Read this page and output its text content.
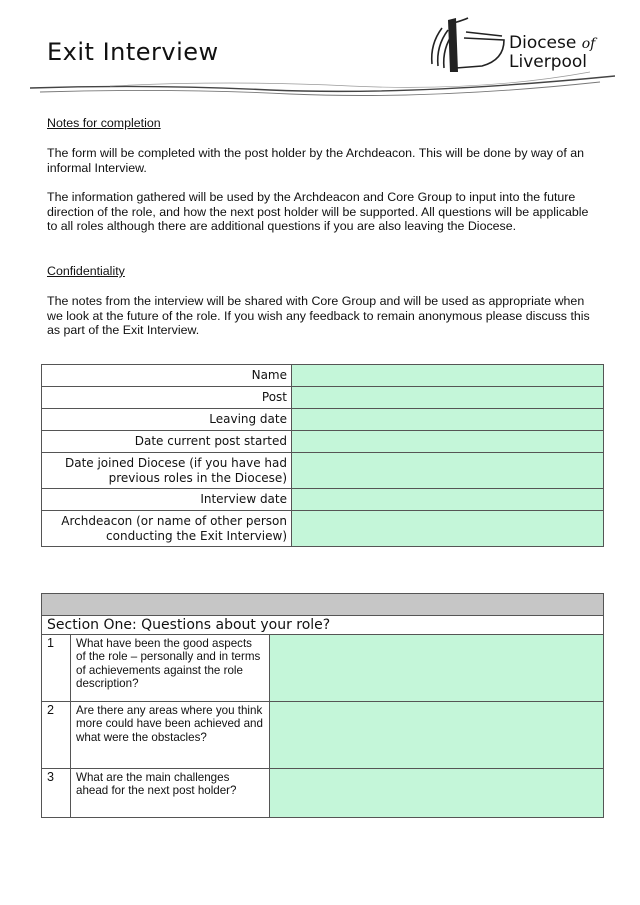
Exit Interview	Diocese of
Liverpool
Notes for completion
The form will be completed with the post holder by the Archdeacon. This will be done by way of an informal Interview.
The information gathered will be used by the Archdeacon and Core Group to input into the future direction of the role, and how the next post holder will be supported. All questions will be applicable to all roles although there are additional questions if you are also leaving the Diocese.
Confidentiality
The notes from the interview will be shared with Core Group and will be used as appropriate when we look at the future of the role. If you wish any feedback to remain anonymous please discuss this as part of the Exit Interview.
Name	
Post	
Leaving date	
Date current post started	
Date joined Diocese (if you have had previous roles in the Diocese)	
Interview date	
Archdeacon (or name of other person conducting the Exit Interview)	

Section One: Questions about your role?		
1	What have been the good aspects of the role – personally and in terms of achievements against the role description?	
2	Are there any areas where you think more could have been achieved and what were the obstacles?	
3	What are the main challenges ahead for the next post holder?	
